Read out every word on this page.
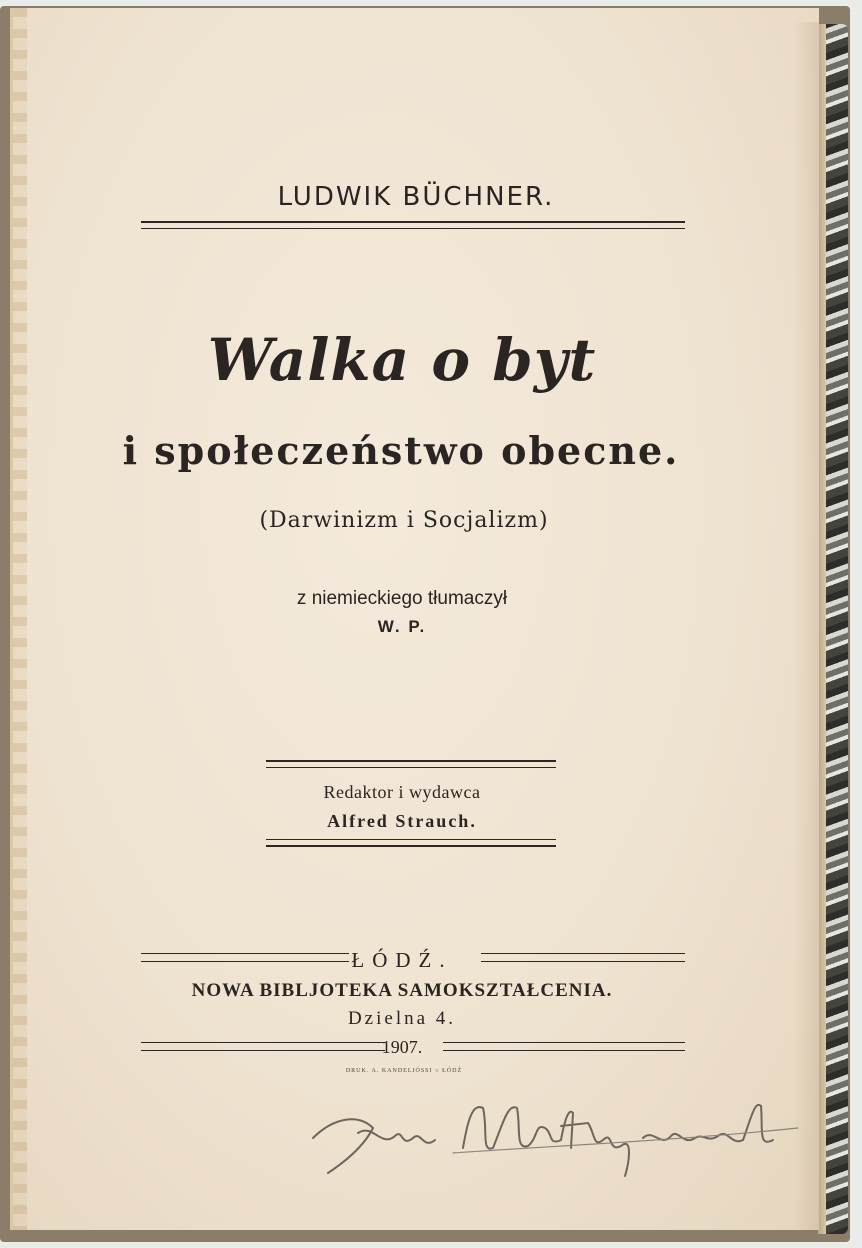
LUDWIK BÜCHNER.
Walka o byt
i społeczeństwo obecne.
(Darwinizm i Socjalizm)
z niemieckiego tłumaczył
W. P.
Redaktor i wydawca
Alfred Strauch.
ŁÓDŹ.
NOWA BIBLJOTEKA SAMOKSZTAŁCENIA.
Dzielna 4.
1907.
DRUK. A. KANDELIÓSSI ○ ŁÓDŹ
